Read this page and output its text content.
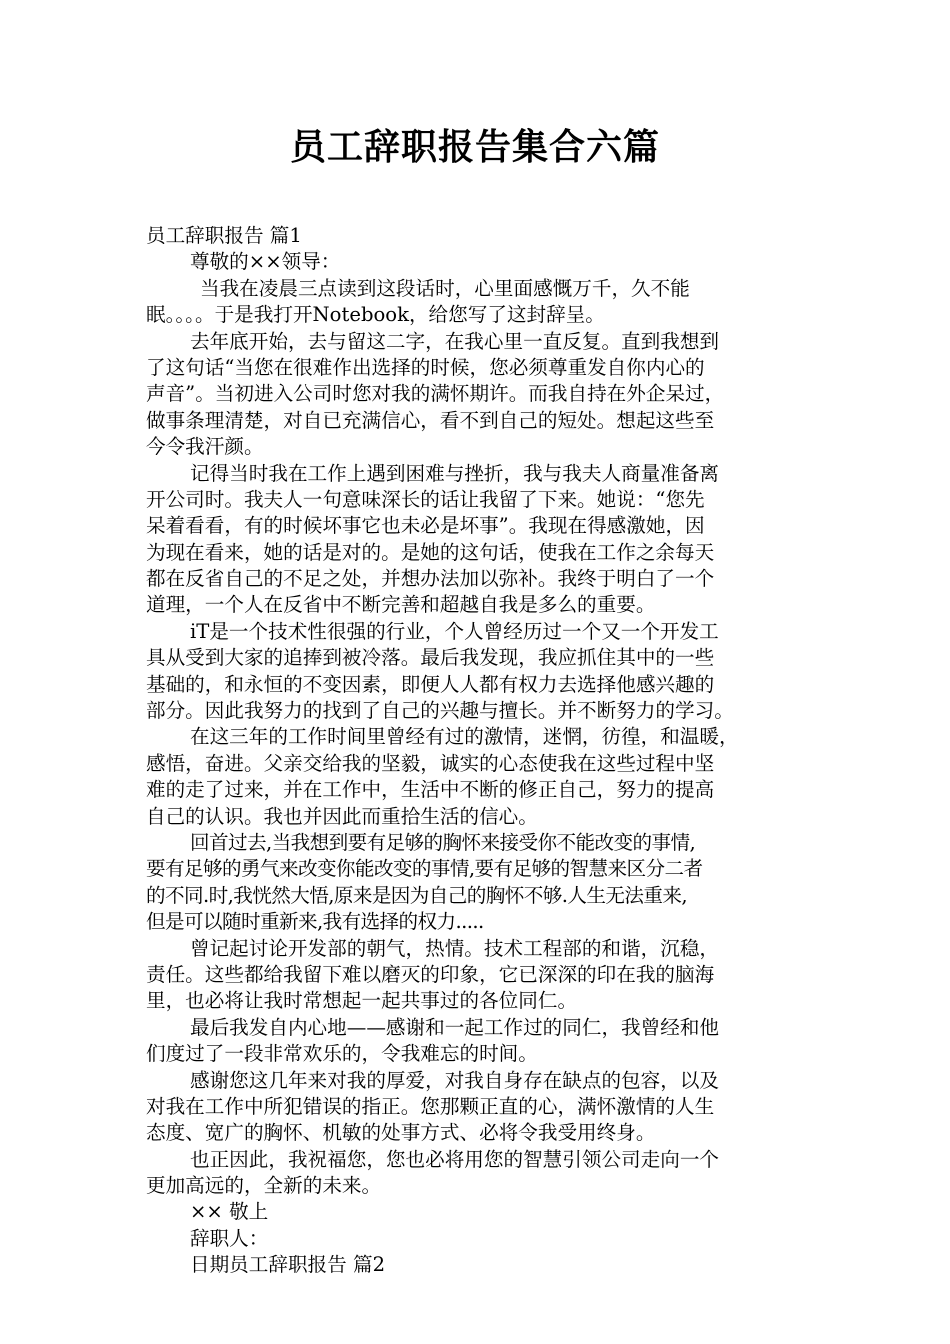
员工辞职报告集合六篇
员工辞职报告 篇1
尊敬的××领导：
当我在凌晨三点读到这段话时，心里面感慨万千，久不能
眠。。。。于是我打开Notebook，给您写了这封辞呈。
去年底开始，去与留这二字，在我心里一直反复。直到我想到
了这句话“当您在很难作出选择的时候，您必须尊重发自你内心的
声音”。当初进入公司时您对我的满怀期许。而我自持在外企呆过，
做事条理清楚，对自已充满信心，看不到自己的短处。想起这些至
今令我汗颜。
记得当时我在工作上遇到困难与挫折，我与我夫人商量准备离
开公司时。我夫人一句意味深长的话让我留了下来。她说：“您先
呆着看看，有的时候坏事它也未必是坏事”。我现在得感激她，因
为现在看来，她的话是对的。是她的这句话，使我在工作之余每天
都在反省自己的不足之处，并想办法加以弥补。我终于明白了一个
道理，一个人在反省中不断完善和超越自我是多么的重要。
iT是一个技术性很强的行业，个人曾经历过一个又一个开发工
具从受到大家的追捧到被冷落。最后我发现，我应抓住其中的一些
基础的，和永恒的不变因素，即便人人都有权力去选择他感兴趣的
部分。因此我努力的找到了自己的兴趣与擅长。并不断努力的学习。
在这三年的工作时间里曾经有过的激情，迷惘，彷徨，和温暖，
感悟，奋进。父亲交给我的坚毅，诚实的心态使我在这些过程中坚
难的走了过来，并在工作中，生活中不断的修正自己，努力的提高
自己的认识。我也并因此而重拾生活的信心。
回首过去,当我想到要有足够的胸怀来接受你不能改变的事情,
要有足够的勇气来改变你能改变的事情,要有足够的智慧来区分二者
的不同.时,我恍然大悟,原来是因为自己的胸怀不够.人生无法重来,
但是可以随时重新来,我有选择的权力.....
曾记起讨论开发部的朝气，热情。技术工程部的和谐，沉稳，
责任。这些都给我留下难以磨灭的印象，它已深深的印在我的脑海
里，也必将让我时常想起一起共事过的各位同仁。
最后我发自内心地——感谢和一起工作过的同仁，我曾经和他
们度过了一段非常欢乐的，令我难忘的时间。
感谢您这几年来对我的厚爱，对我自身存在缺点的包容，以及
对我在工作中所犯错误的指正。您那颗正直的心，满怀激情的人生
态度、宽广的胸怀、机敏的处事方式、必将令我受用终身。
也正因此，我祝福您，您也必将用您的智慧引领公司走向一个
更加高远的，全新的未来。
×× 敬上
辞职人：
日期员工辞职报告 篇2
